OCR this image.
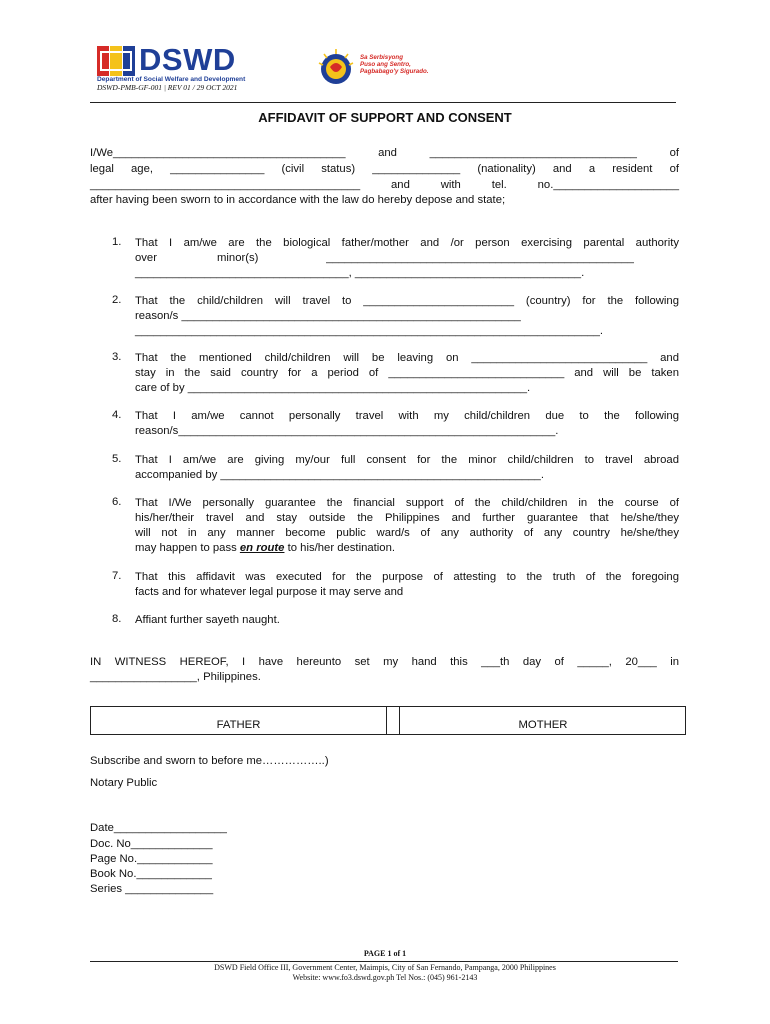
DSWD
Department of Social Welfare and Development
DSWD-PMB-GF-001 | REV 01 / 29 OCT 2021
Sa Serbisyong
Puso ang Sentro,
Pagbabago'y Sigurado.
AFFIDAVIT OF SUPPORT AND CONSENT
I/We_____________________________________ and _________________________________ of
legal age, _______________ (civil status) ______________ (nationality) and a resident of
___________________________________________ and with tel. no.____________________
after having been sworn to in accordance with the law do hereby depose and state;
1. That I am/we are the biological father/mother and /or person exercising parental authority
over	minor(s)	_________________________________________________
__________________________________, ____________________________________.
2. That the child/children will travel to ________________________ (country) for the following
reason/s ______________________________________________________
__________________________________________________________________________.
3. That the mentioned child/children will be leaving on ____________________________ and
stay in the said country for a period of ____________________________ and will be taken
care of by ______________________________________________________.
4. That I am/we cannot personally travel with my child/children due to the following
reason/s____________________________________________________________.
5. That I am/we are giving my/our full consent for the minor child/children to travel abroad
accompanied by ___________________________________________________.
6. That I/We personally guarantee the financial support of the child/children in the course of
his/her/their travel and stay outside the Philippines and further guarantee that he/she/they
will not in any manner become public ward/s of any authority of any country he/she/they
may happen to pass en route to his/her destination.
7. That this affidavit was executed for the purpose of attesting to the truth of the foregoing
facts and for whatever legal purpose it may serve and
8. Affiant further sayeth naught.
IN WITNESS HEREOF, I have hereunto set my hand this ___th day of _____, 20___ in
_________________, Philippines.
FATHER	MOTHER
Subscribe and sworn to before me……………..)
Notary Public
Date__________________
Doc. No_____________
Page No.____________
Book No.____________
Series ______________
PAGE 1 of 1
DSWD Field Office III, Government Center, Maimpis, City of San Fernando, Pampanga, 2000 Philippines
Website: www.fo3.dswd.gov.ph Tel Nos.: (045) 961-2143
